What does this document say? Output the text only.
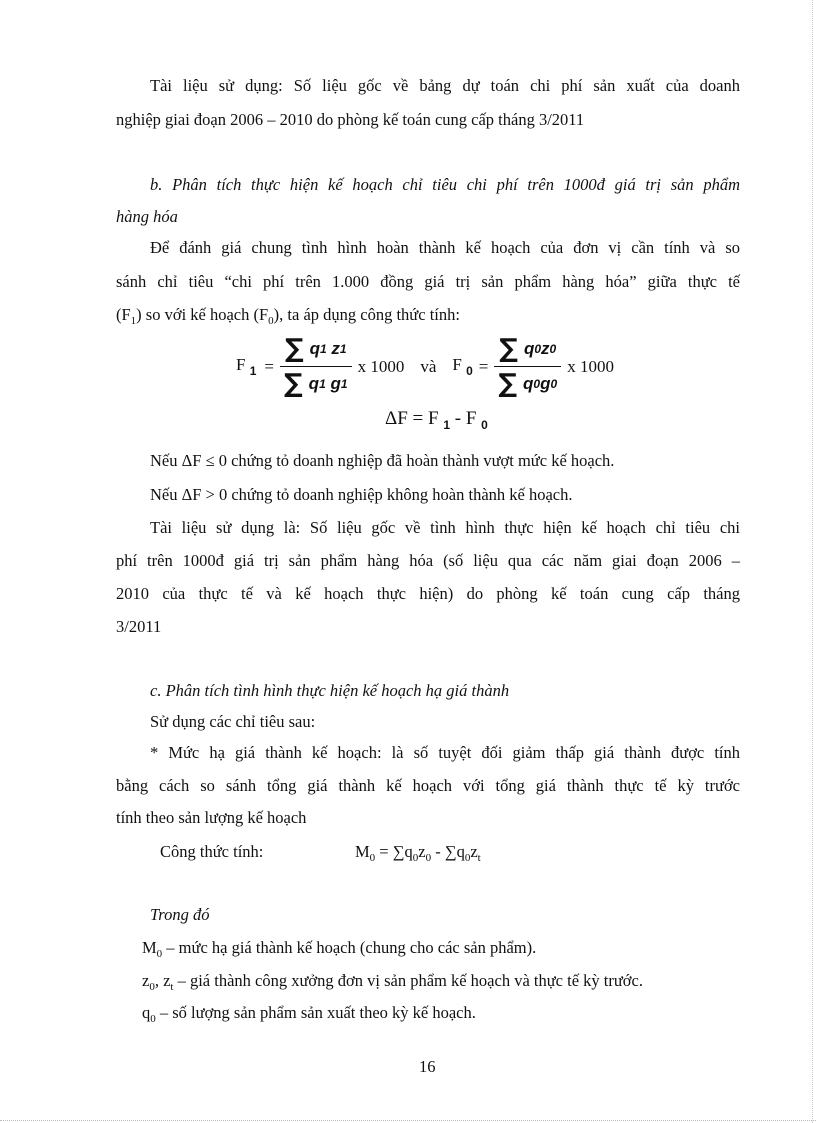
Tài liệu sử dụng: Số liệu gốc về bảng dự toán chi phí sản xuất của doanh
nghiệp giai đoạn 2006 – 2010 do phòng kế toán cung cấp tháng 3/2011
b. Phân tích thực hiện kế hoạch chỉ tiêu chi phí trên 1000đ giá trị sản phẩm
hàng hóa
Để đánh giá chung tình hình hoàn thành kế hoạch của đơn vị cần tính và so
sánh chỉ tiêu “chi phí trên 1.000 đồng giá trị sản phẩm hàng hóa” giữa thực tế
$(F_1)$ so với kế hoạch $(F_0)$, ta áp dụng công thức tính:
F $_1$ = ∑ q 1
z 1
∑ q 1
g 1 x 1000 và F $_0 = \frac{\sum q 0 z 0}{\sum q 0 g 0}$ x 1000
ΔF = F $_1$ - F $_0$
Nếu ΔF ≤ 0 chứng tỏ doanh nghiệp đã hoàn thành vượt mức kế hoạch.
Nếu ΔF > 0 chứng tỏ doanh nghiệp không hoàn thành kế hoạch.
Tài liệu sử dụng là: Số liệu gốc về tình hình thực hiện kế hoạch chỉ tiêu chi
phí trên 1000đ giá trị sản phẩm hàng hóa (số liệu qua các năm giai đoạn 2006 –
2010 của thực tế và kế hoạch thực hiện) do phòng kế toán cung cấp tháng
3/2011
c. Phân tích tình hình thực hiện kế hoạch hạ giá thành
Sử dụng các chỉ tiêu sau:
* Mức hạ giá thành kế hoạch: là số tuyệt đối giảm thấp giá thành được tính
bằng cách so sánh tổng giá thành kế hoạch với tổng giá thành thực tế kỳ trước
tính theo sản lượng kế hoạch
Công thức tính:	$M_0 = \sum q_0z_0 - \sum q_0z_t$
Trong đó
$M_0$ – mức hạ giá thành kế hoạch (chung cho các sản phẩm).
$z_0$, $z_t$ – giá thành công xưởng đơn vị sản phẩm kế hoạch và thực tế kỳ trước.
$q_0$ – số lượng sản phẩm sản xuất theo kỳ kế hoạch.
16
